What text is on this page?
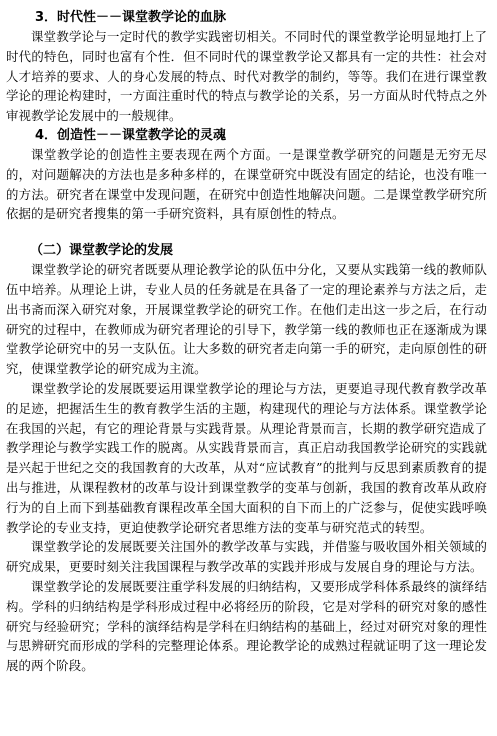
3．时代性－－课堂教学论的血脉

课堂教学论与一定时代的教学实践密切相关。不同时代的课堂教学论明显地打上了时代的特色，同时也富有个性．但不同时代的课堂教学论又都具有一定的共性：社会对人才培养的要求、人的身心发展的特点、时代对教学的制约，等等。我们在进行课堂教学论的理论构建时，一方面注重时代的特点与教学论的关系，另一方面从时代特点之外审视教学论发展中的一般规律。

4．创造性－－课堂教学论的灵魂

课堂教学论的创造性主要表现在两个方面。一是课堂教学研究的问题是无穷无尽的，对问题解决的方法也是多种多样的，在课堂研究中既没有固定的结论，也没有唯一的方法。研究者在课堂中发现问题，在研究中创造性地解决问题。二是课堂教学研究所依据的是研究者搜集的第一手研究资料，具有原创性的特点。

（二）课堂教学论的发展

课堂教学论的研究者既要从理论教学论的队伍中分化，又要从实践第一线的教师队伍中培养。从理论上讲，专业人员的任务就是在具备了一定的理论素养与方法之后，走出书斋而深入研究对象，开展课堂教学论的研究工作。在他们走出这一步之后，在行动研究的过程中，在教师成为研究者理论的引导下，教学第一线的教师也正在逐渐成为课堂教学论研究中的另一支队伍。让大多数的研究者走向第一手的研究，走向原创性的研究，使课堂教学论的研究成为主流。

课堂教学论的发展既要运用课堂教学论的理论与方法，更要追寻现代教育教学改革的足迹，把握活生生的教育教学生活的主题，构建现代的理论与方法体系。课堂教学论在我国的兴起，有它的理论背景与实践背景。从理论背景而言，长期的教学研究造成了教学理论与教学实践工作的脱离。从实践背景而言，真正启动我国教学论研究的实践就是兴起于世纪之交的我国教育的大改革，从对“应试教育”的批判与反思到素质教育的提出与推进，从课程教材的改革与设计到课堂教学的变革与创新，我国的教育改革从政府行为的自上而下到基础教育课程改革全国大面积的自下而上的广泛参与，促使实践呼唤教学论的专业支持，更迫使教学论研究者思维方法的变革与研究范式的转型。

课堂教学论的发展既要关注国外的教学改革与实践，并借鉴与吸收国外相关领域的研究成果，更要时刻关注我国课程与教学改革的实践并形成与发展自身的理论与方法。

课堂教学论的发展既要注重学科发展的归纳结构，又要形成学科体系最终的演绎结构。学科的归纳结构是学科形成过程中必将经历的阶段，它是对学科的研究对象的感性研究与经验研究；学科的演绎结构是学科在归纳结构的基础上，经过对研究对象的理性与思辨研究而形成的学科的完整理论体系。理论教学论的成熟过程就证明了这一理论发展的两个阶段。
